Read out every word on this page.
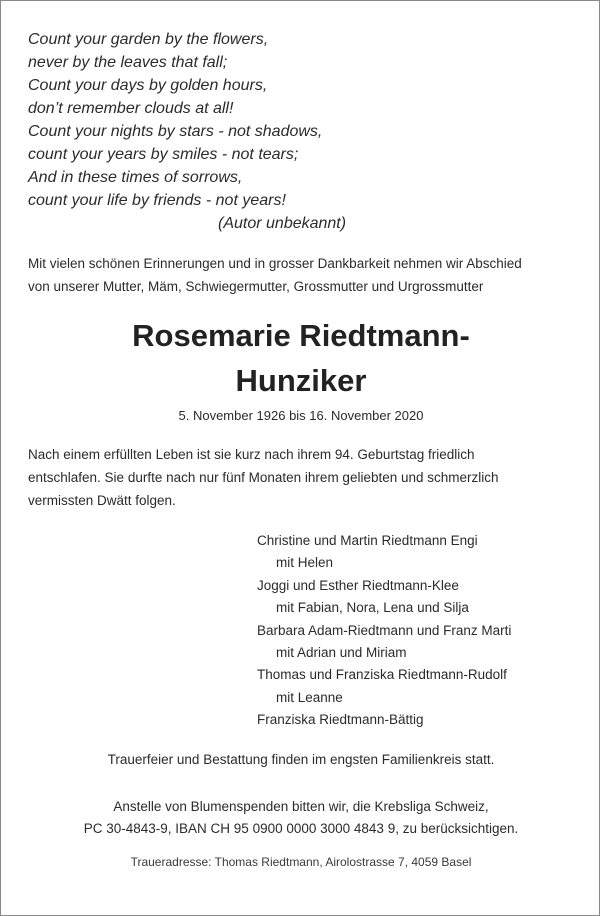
Count your garden by the flowers,
never by the leaves that fall;
Count your days by golden hours,
don’t remember clouds at all!
Count your nights by stars - not shadows,
count your years by smiles - not tears;
And in these times of sorrows,
count your life by friends - not years!
(Autor unbekannt)
Mit vielen schönen Erinnerungen und in grosser Dankbarkeit nehmen wir Abschied
von unserer Mutter, Mäm, Schwiegermutter, Grossmutter und Urgrossmutter
Rosemarie Riedtmann-
Hunziker
5. November 1926 bis 16. November 2020
Nach einem erfüllten Leben ist sie kurz nach ihrem 94. Geburtstag friedlich
entschlafen. Sie durfte nach nur fünf Monaten ihrem geliebten und schmerzlich
vermissten Dwätt folgen.
Christine und Martin Riedtmann Engi
mit Helen
Joggi und Esther Riedtmann-Klee
mit Fabian, Nora, Lena und Silja
Barbara Adam-Riedtmann und Franz Marti
mit Adrian und Miriam
Thomas und Franziska Riedtmann-Rudolf
mit Leanne
Franziska Riedtmann-Bättig
Trauerfeier und Bestattung finden im engsten Familienkreis statt.
Anstelle von Blumenspenden bitten wir, die Krebsliga Schweiz,
PC 30-4843-9, IBAN CH 95 0900 0000 3000 4843 9, zu berücksichtigen.
Traueradresse: Thomas Riedtmann, Airolostrasse 7, 4059 Basel
